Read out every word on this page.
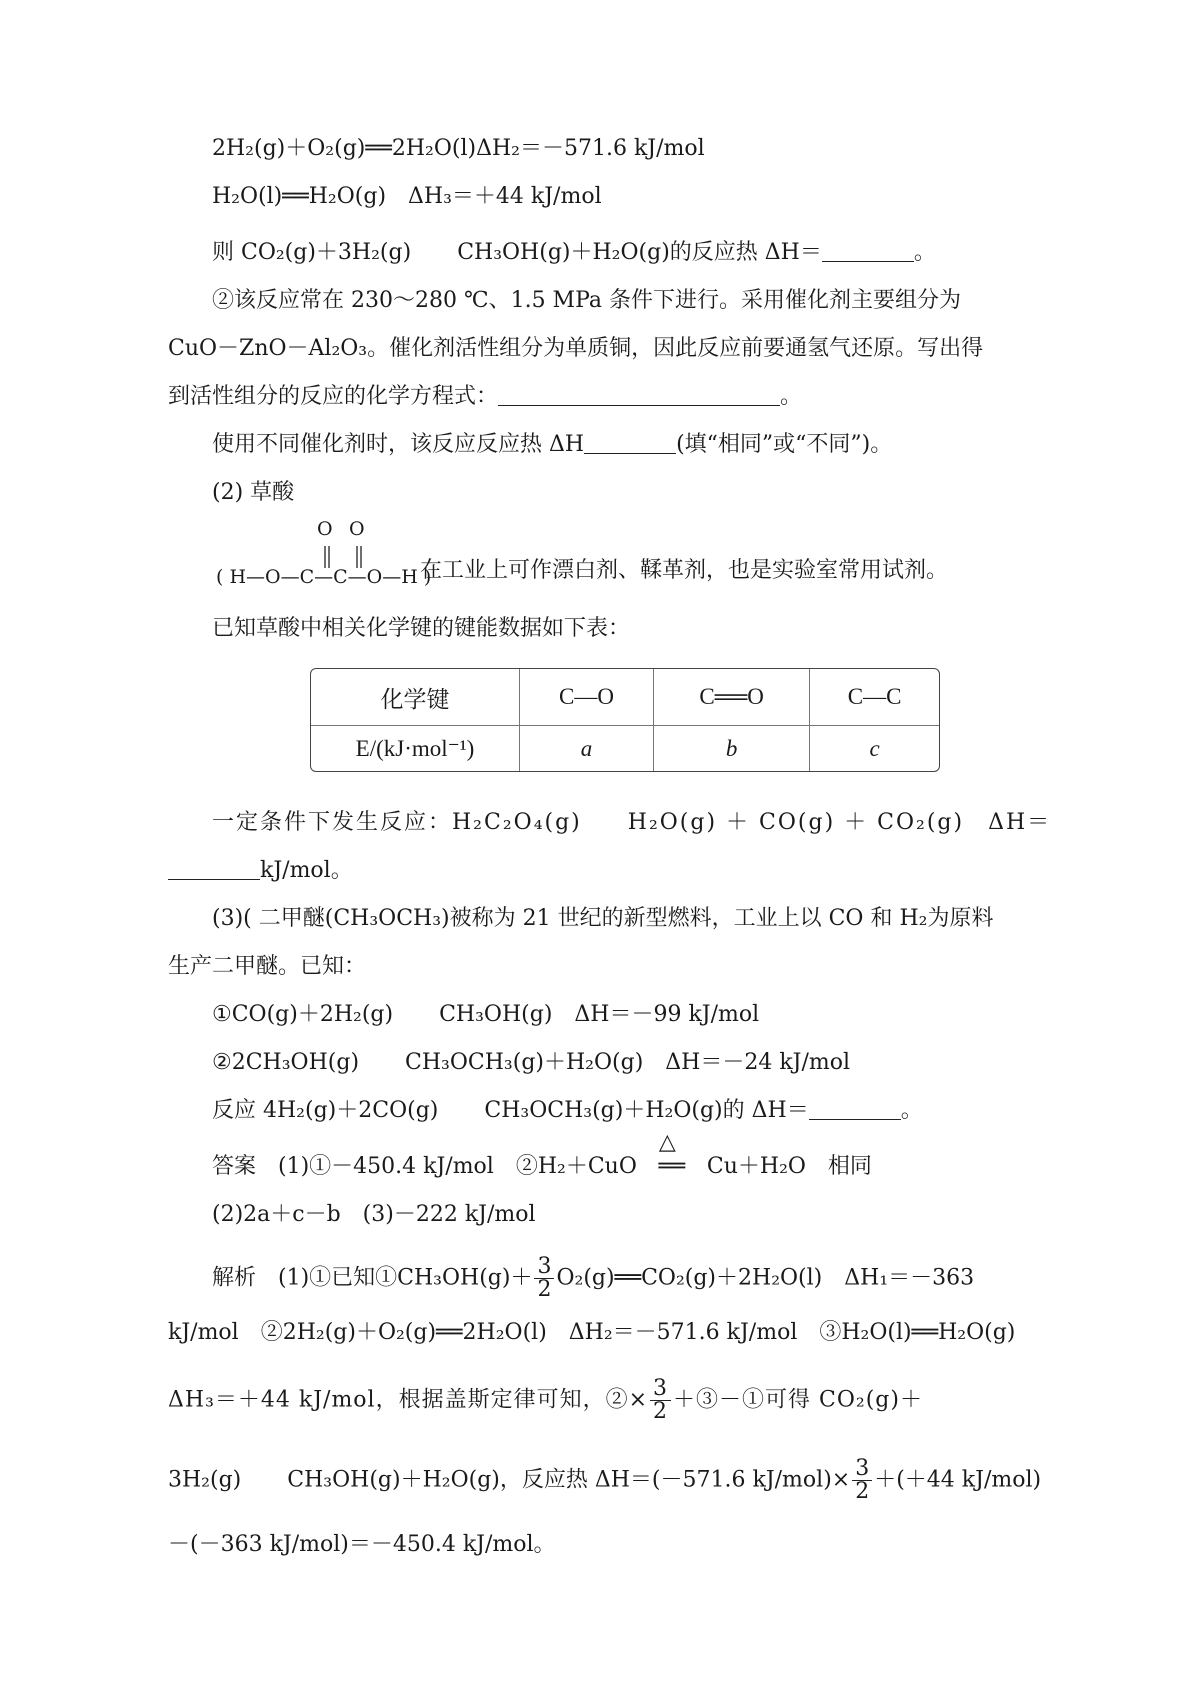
2H₂(g)＋O₂(g)══2H₂O(l)ΔH₂＝－571.6 kJ/mol
H₂O(l)══H₂O(g)　ΔH₃＝＋44 kJ/mol
则 CO₂(g)＋3H₂(g) CH₃OH(g)＋H₂O(g)的反应热 ΔH＝	。
②该反应常在 230～280 ℃、1.5 MPa 条件下进行。采用催化剂主要组分为
CuO－ZnO－Al₂O₃。催化剂活性组分为单质铜，因此反应前要通氢气还原。写出得
到活性组分的反应的化学方程式：	。
使用不同催化剂时，该反应反应热 ΔH	(填“相同”或“不同”)。
(2) 草酸
O O
( H—O—C—C—O—H )
在工业上可作漂白剂、鞣革剂，也是实验室常用试剂。
已知草酸中相关化学键的键能数据如下表：
化学键	C—O	C══O	C—C
E/(kJ·mol⁻¹)	a	b	c
一定条件下发生反应：H₂C₂O₄(g) H₂O(g) ＋ CO(g) ＋ CO₂(g)　ΔH＝
kJ/mol。
(3)( 二甲醚(CH₃OCH₃)被称为 21 世纪的新型燃料，工业上以 CO 和 H₂为原料
生产二甲醚。已知：
①CO(g)＋2H₂(g) CH₃OH(g)　ΔH＝－99 kJ/mol
②2CH₃OH(g) CH₃OCH₃(g)＋H₂O(g)　ΔH＝－24 kJ/mol
反应 4H₂(g)＋2CO(g) CH₃OCH₃(g)＋H₂O(g)的 ΔH＝	。
答案　(1)①－450.4 kJ/mol　②H₂＋CuO
△
══ Cu＋H₂O　相同
(2)2a＋c－b　(3)－222 kJ/mol
解析　(1)①已知①CH₃OH(g)＋ $\frac{3}{2}$ O₂(g)══CO₂(g)＋2H₂O(l)　ΔH₁＝－363
kJ/mol　②2H₂(g)＋O₂(g)══2H₂O(l)　ΔH₂＝－571.6 kJ/mol　③H₂O(l)══H₂O(g)
ΔH₃＝＋44 kJ/mol，根据盖斯定律可知，②× $\frac{3}{2}$ ＋③－①可得 CO₂(g)＋
3H₂(g) CH₃OH(g)＋H₂O(g)，反应热 ΔH＝(－571.6 $kJ/mol)\times \frac{3}{2} +(+44$ kJ/mol)
－(－363 kJ/mol)＝－450.4 kJ/mol。
